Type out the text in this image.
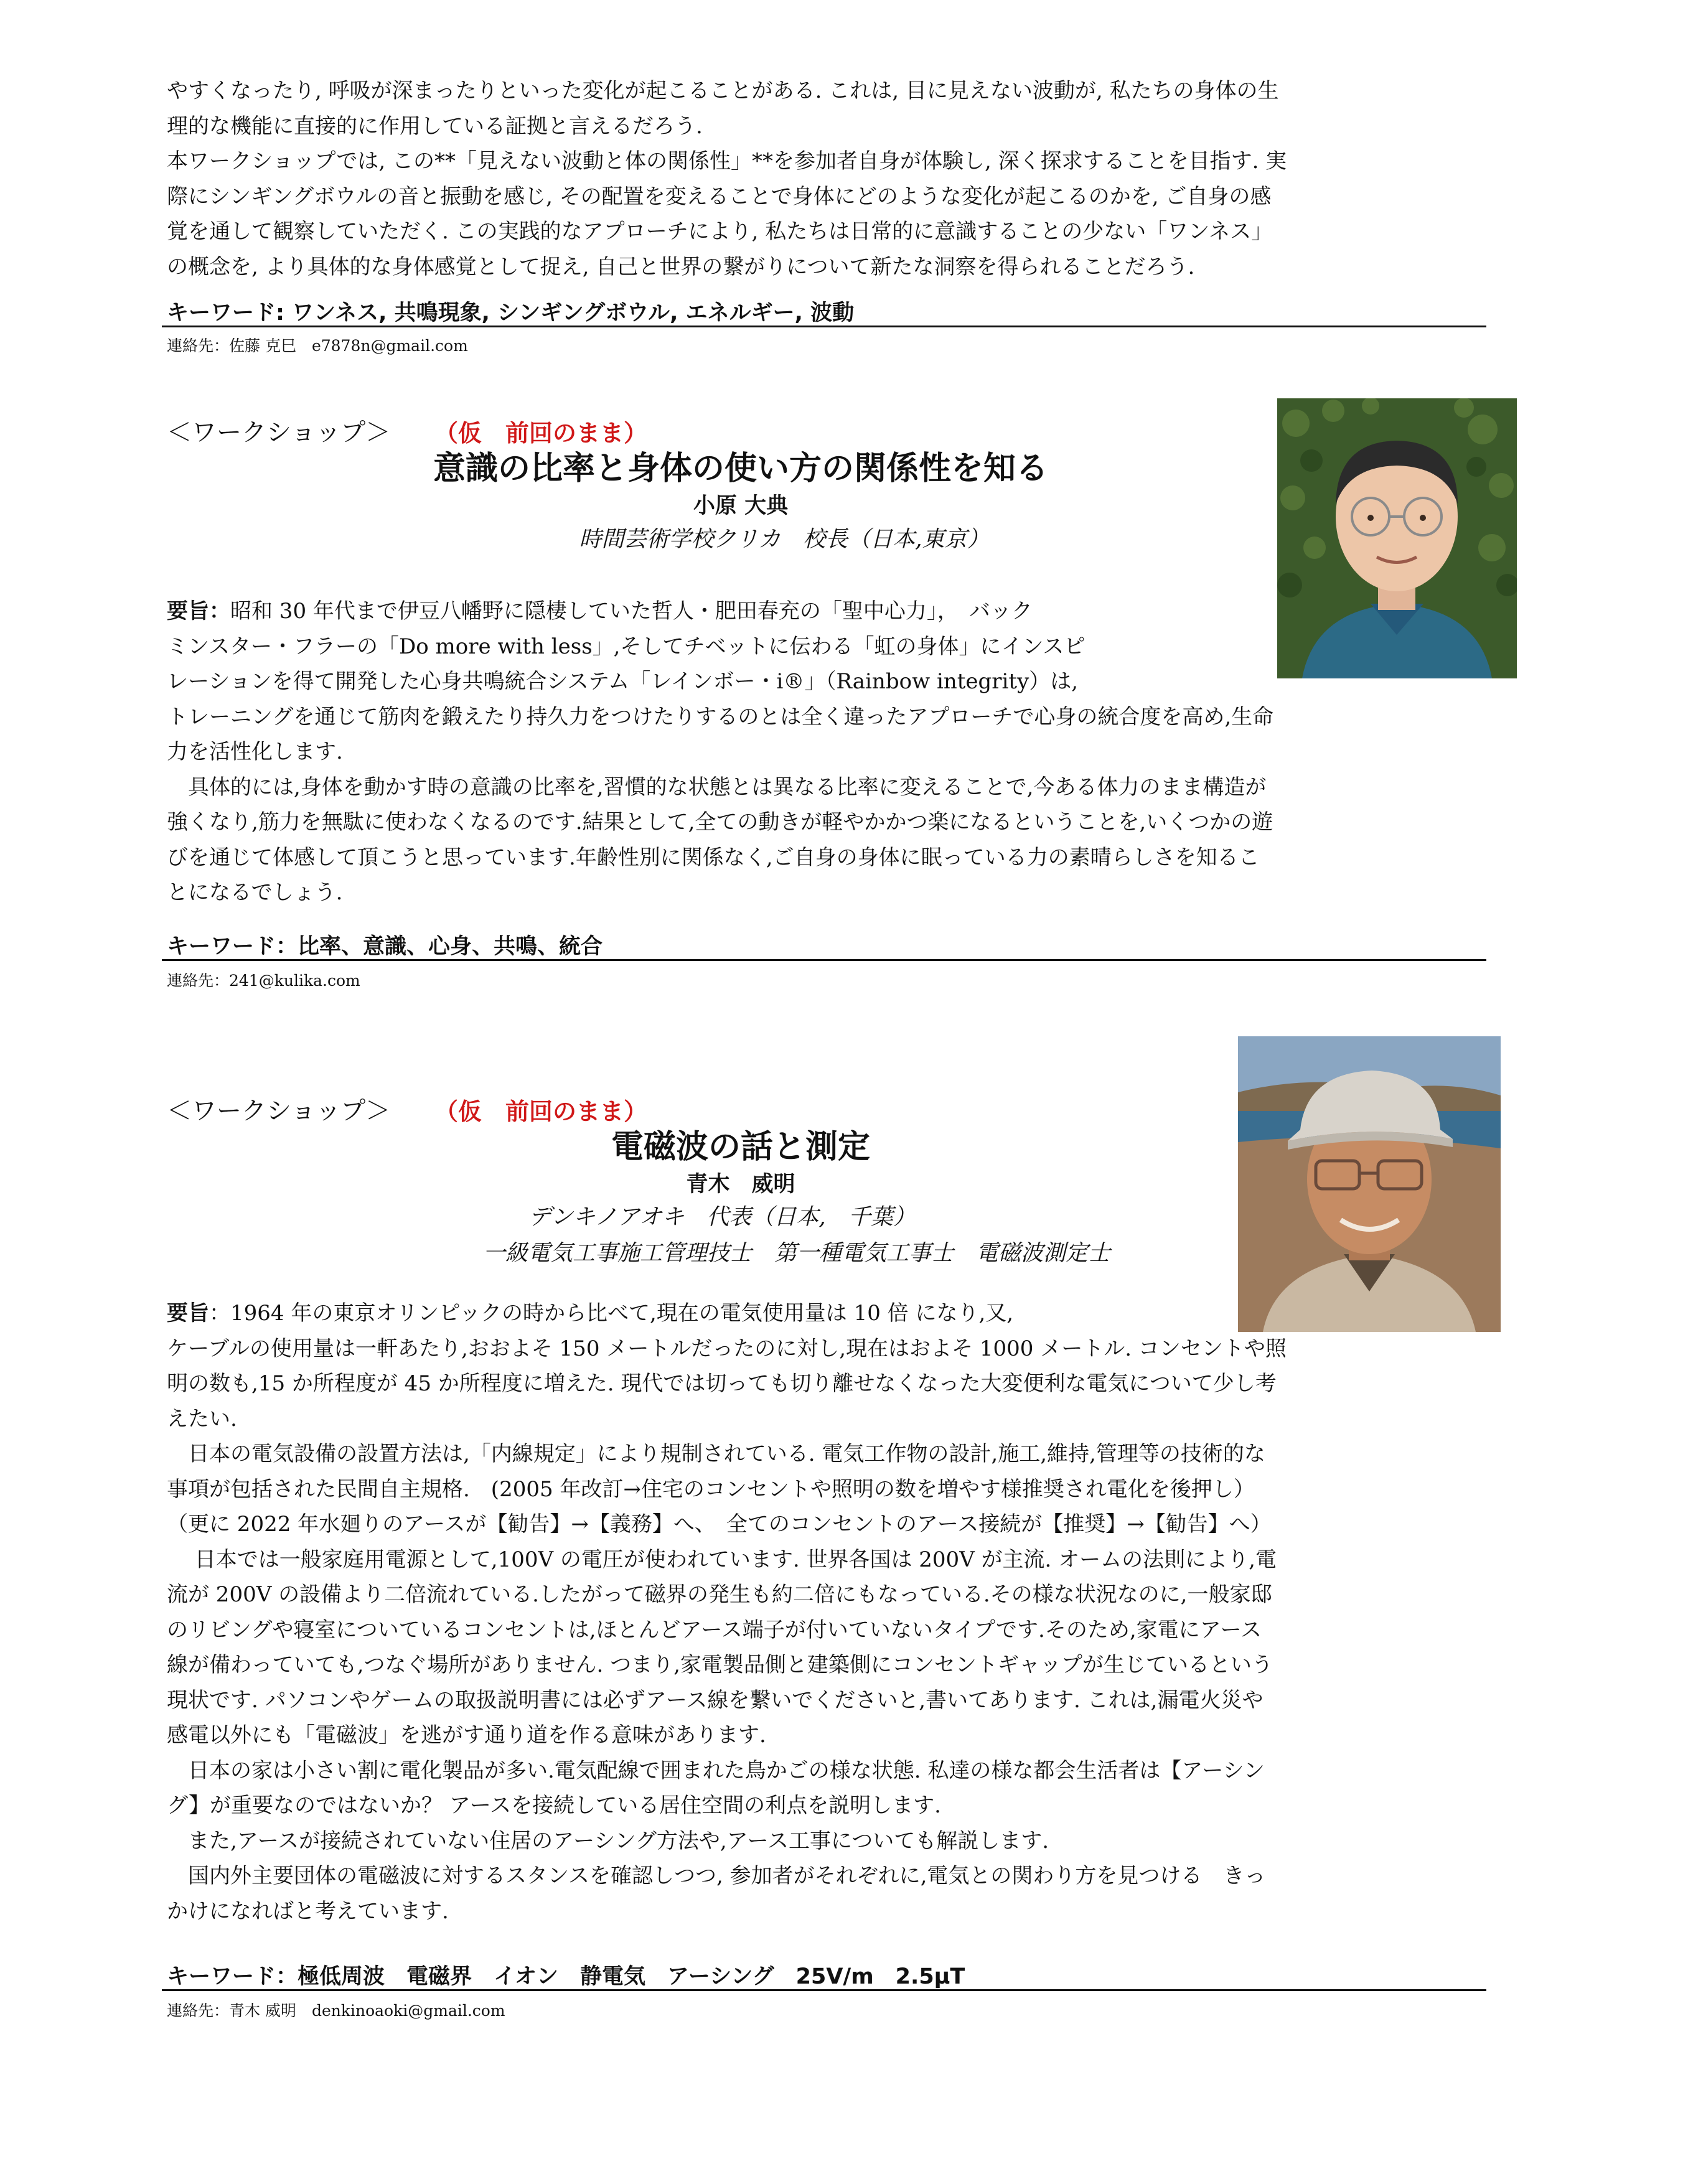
やすくなったり, 呼吸が深まったりといった変化が起こることがある. これは, 目に見えない波動が, 私たちの身体の生
理的な機能に直接的に作用している証拠と言えるだろう.
本ワークショップでは, この**「見えない波動と体の関係性」**を参加者自身が体験し, 深く探求することを目指す. 実
際にシンギングボウルの音と振動を感じ, その配置を変えることで身体にどのような変化が起こるのかを, ご自身の感
覚を通して観察していただく. この実践的なアプローチにより, 私たちは日常的に意識することの少ない「ワンネス」
の概念を, より具体的な身体感覚として捉え, 自己と世界の繋がりについて新たな洞察を得られることだろう.
キーワード: ワンネス, 共鳴現象, シンギングボウル, エネルギー, 波動
連絡先：佐藤 克巳　e7878n@gmail.com
＜ワークショップ＞ （仮　前回のまま）
意識の比率と身体の使い方の関係性を知る
小原 大典
時間芸術学校クリカ　校長（日本,東京）
要旨：昭和 30 年代まで伊豆八幡野に隠棲していた哲人・肥田春充の「聖中心力」，　バック
ミンスター・フラーの「Do more with less」,そしてチベットに伝わる「虹の身体」にインスピ
レーションを得て開発した心身共鳴統合システム「レインボー・i®」（Rainbow integrity）は,
トレーニングを通じて筋肉を鍛えたり持久力をつけたりするのとは全く違ったアプローチで心身の統合度を高め,生命
力を活性化します.
　具体的には,身体を動かす時の意識の比率を,習慣的な状態とは異なる比率に変えることで,今ある体力のまま構造が
強くなり,筋力を無駄に使わなくなるのです.結果として,全ての動きが軽やかかつ楽になるということを,いくつかの遊
びを通じて体感して頂こうと思っています.年齢性別に関係なく,ご自身の身体に眠っている力の素晴らしさを知るこ
とになるでしょう.
キーワード：比率、意識、心身、共鳴、統合
連絡先：241@kulika.com
＜ワークショップ＞ （仮　前回のまま）
電磁波の話と測定
青木　威明
デンキノアオキ　代表（日本,　千葉）
一級電気工事施工管理技士　第一種電気工事士　電磁波測定士
要旨：1964 年の東京オリンピックの時から比べて,現在の電気使用量は 10 倍 になり,又,
ケーブルの使用量は一軒あたり,おおよそ 150 メートルだったのに対し,現在はおよそ 1000 メートル. コンセントや照
明の数も,15 か所程度が 45 か所程度に増えた. 現代では切っても切り離せなくなった大変便利な電気について少し考
えたい.
　日本の電気設備の設置方法は,「内線規定」により規制されている. 電気工作物の設計,施工,維持,管理等の技術的な
事項が包括された民間自主規格.　(2005 年改訂→住宅のコンセントや照明の数を増やす様推奨され電化を後押し）
（更に 2022 年水廻りのアースが【勧告】→【義務】へ、　全てのコンセントのアース接続が【推奨】→【勧告】へ）
　 日本では一般家庭用電源として,100V の電圧が使われています. 世界各国は 200V が主流. オームの法則により,電
流が 200V の設備より二倍流れている.したがって磁界の発生も約二倍にもなっている.その様な状況なのに,一般家邸
のリビングや寝室についているコンセントは,ほとんどアース端子が付いていないタイプです.そのため,家電にアース
線が備わっていても,つなぐ場所がありません. つまり,家電製品側と建築側にコンセントギャップが生じているという
現状です. パソコンやゲームの取扱説明書には必ずアース線を繋いでくださいと,書いてあります. これは,漏電火災や
感電以外にも「電磁波」を逃がす通り道を作る意味があります.
　日本の家は小さい割に電化製品が多い.電気配線で囲まれた鳥かごの様な状態. 私達の様な都会生活者は【アーシン
グ】が重要なのではないか？ アースを接続している居住空間の利点を説明します.
　また,アースが接続されていない住居のアーシング方法や,アース工事についても解説します.
　国内外主要団体の電磁波に対するスタンスを確認しつつ, 参加者がそれぞれに,電気との関わり方を見つける　きっ
かけになればと考えています.
キーワード：極低周波　電磁界　イオン　静電気　アーシング　25V/m　2.5μT
連絡先：青木 威明　denkinoaoki@gmail.com
